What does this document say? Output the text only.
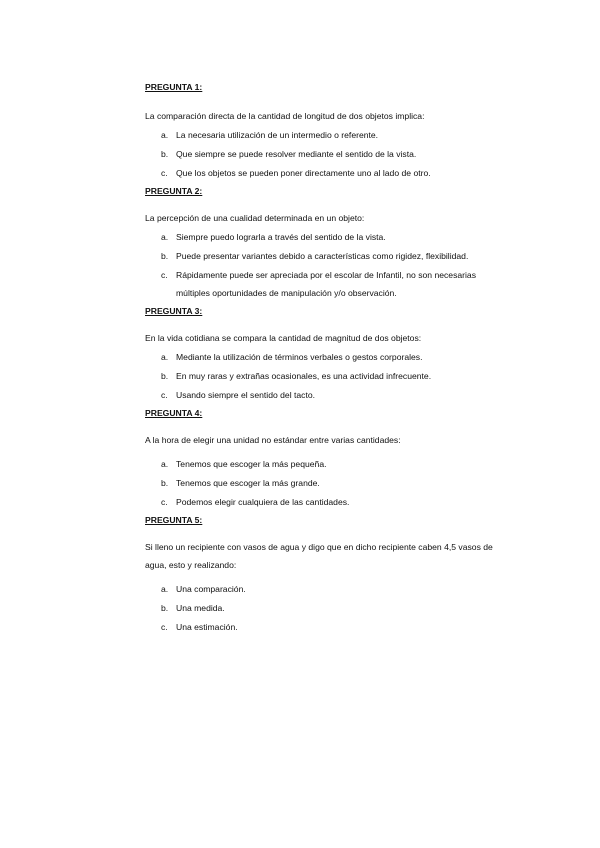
PREGUNTA 1:

La comparación directa de la cantidad de longitud de dos objetos implica:

a. La necesaria utilización de un intermedio o referente.
b. Que siempre se puede resolver mediante el sentido de la vista.
c. Que los objetos se pueden poner directamente uno al lado de otro.

PREGUNTA 2:

La percepción de una cualidad determinada en un objeto:

a. Siempre puedo lograrla a través del sentido de la vista.
b. Puede presentar variantes debido a características como rigidez, flexibilidad.
c. Rápidamente puede ser apreciada por el escolar de Infantil, no son necesarias múltiples oportunidades de manipulación y/o observación.

PREGUNTA 3:

En la vida cotidiana se compara la cantidad de magnitud de dos objetos:

a. Mediante la utilización de términos verbales o gestos corporales.
b. En muy raras y extrañas ocasionales, es una actividad infrecuente.
c. Usando siempre el sentido del tacto.

PREGUNTA 4:

A la hora de elegir una unidad no estándar entre varias cantidades:

a. Tenemos que escoger la más pequeña.
b. Tenemos que escoger la más grande.
c. Podemos elegir cualquiera de las cantidades.

PREGUNTA 5:

Si lleno un recipiente con vasos de agua y digo que en dicho recipiente caben 4,5 vasos de agua, esto y realizando:

a. Una comparación.
b. Una medida.
c. Una estimación.
